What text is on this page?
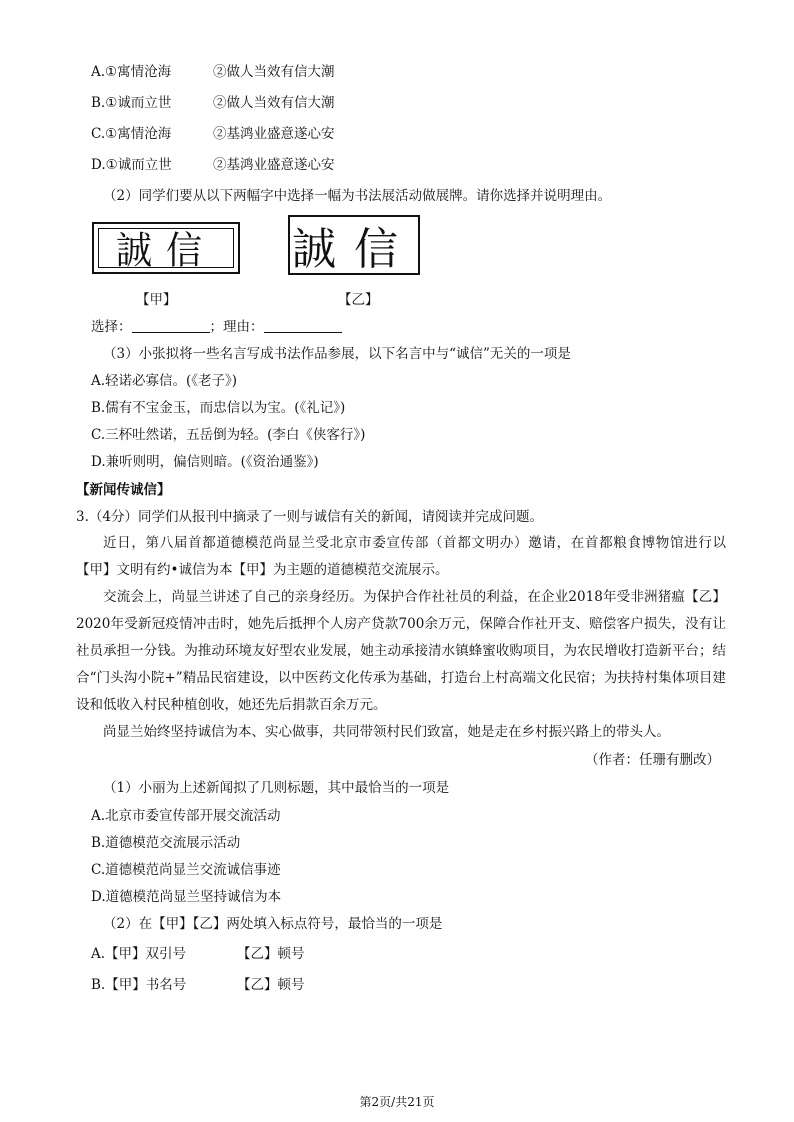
A.①寓情沧海	②做人当效有信大潮
B.①诚而立世	②做人当效有信大潮
C.①寓情沧海	②基鸿业盛意遂心安
D.①诚而立世	②基鸿业盛意遂心安
（2）同学们要从以下两幅字中选择一幅为书法展活动做展牌。请你选择并说明理由。
誠信 誠信
【甲】	【乙】
选择：	；理由：
（3）小张拟将一些名言写成书法作品参展，以下名言中与“诚信”无关的一项是
A.轻诺必寡信。(《老子》)
B.儒有不宝金玉，而忠信以为宝。(《礼记》)
C.三杯吐然诺，五岳倒为轻。(李白《侠客行》)
D.兼听则明，偏信则暗。(《资治通鉴》)
【新闻传诚信】
3.（4分）同学们从报刊中摘录了一则与诚信有关的新闻，请阅读并完成问题。
近日，第八届首都道德模范尚显兰受北京市委宣传部（首都文明办）邀请，在首都粮食博物馆进行以【甲】文明有约•诚信为本【甲】为主题的道德模范交流展示。
交流会上，尚显兰讲述了自己的亲身经历。为保护合作社社员的利益，在企业2018年受非洲猪瘟【乙】2020年受新冠疫情冲击时，她先后抵押个人房产贷款700余万元，保障合作社开支、赔偿客户损失，没有让社员承担一分钱。为推动环境友好型农业发展，她主动承接清水镇蜂蜜收购项目，为农民增收打造新平台；结合“门头沟小院+”精品民宿建设，以中医药文化传承为基础，打造台上村高端文化民宿；为扶持村集体项目建设和低收入村民种植创收，她还先后捐款百余万元。
尚显兰始终坚持诚信为本、实心做事，共同带领村民们致富，她是走在乡村振兴路上的带头人。
（作者：任珊有删改）
（1）小丽为上述新闻拟了几则标题，其中最恰当的一项是
A.北京市委宣传部开展交流活动
B.道德模范交流展示活动
C.道德模范尚显兰交流诚信事迹
D.道德模范尚显兰坚持诚信为本
（2）在【甲】【乙】两处填入标点符号，最恰当的一项是
A.【甲】双引号	【乙】顿号
B.【甲】书名号	【乙】顿号
第2页/共21页
